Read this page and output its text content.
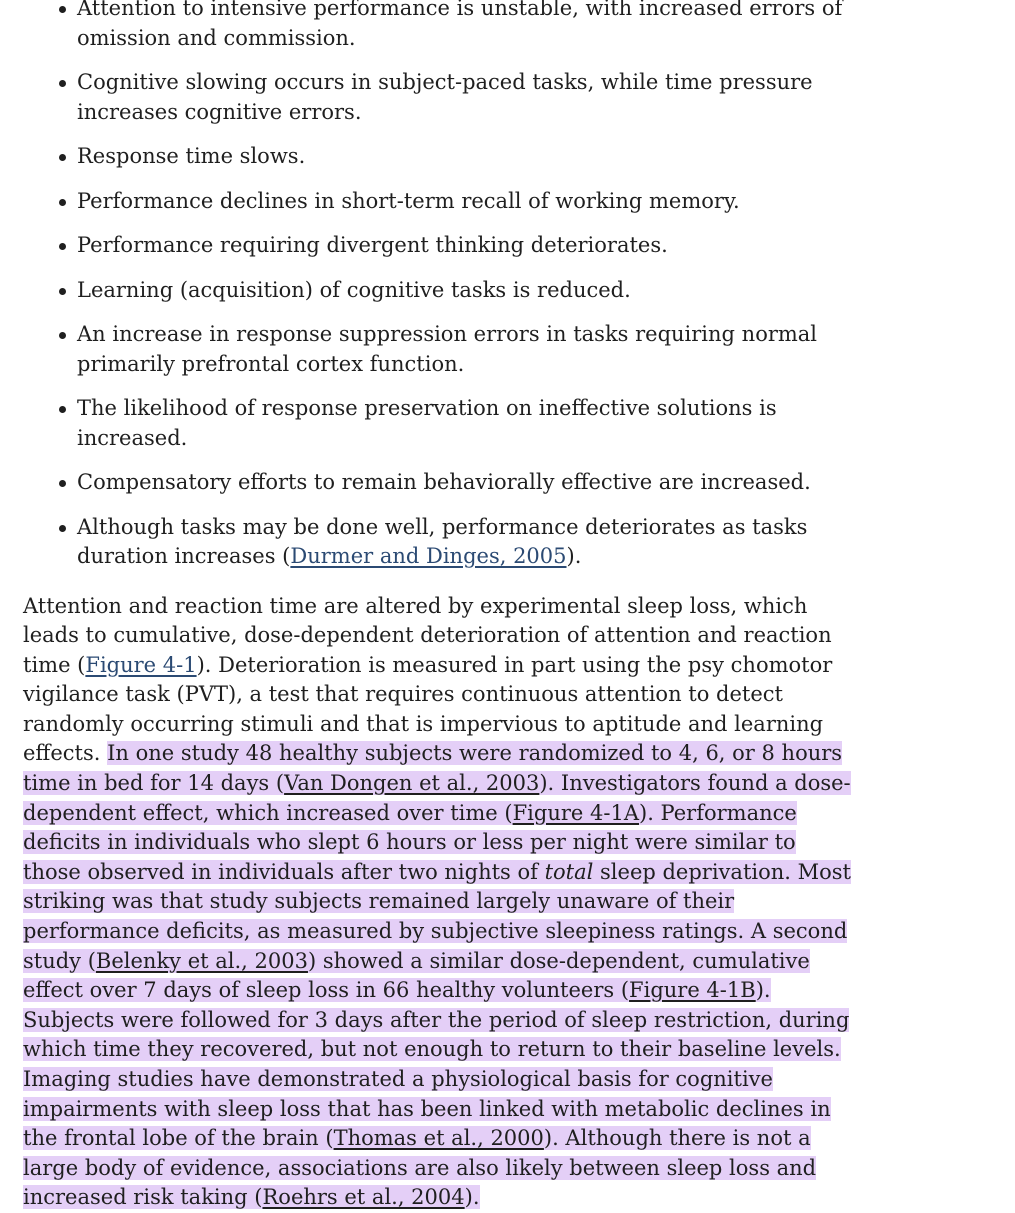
Attention to intensive performance is unstable, with increased errors of omission and commission.
Cognitive slowing occurs in subject-paced tasks, while time pressure increases cognitive errors.
Response time slows.
Performance declines in short-term recall of working memory.
Performance requiring divergent thinking deteriorates.
Learning (acquisition) of cognitive tasks is reduced.
An increase in response suppression errors in tasks requiring normal primarily prefrontal cortex function.
The likelihood of response preservation on ineffective solutions is increased.
Compensatory efforts to remain behaviorally effective are increased.
Although tasks may be done well, performance deteriorates as tasks duration increases (Durmer and Dinges, 2005).

Attention and reaction time are altered by experimental sleep loss, which leads to cumulative, dose-dependent deterioration of attention and reaction time (Figure 4-1). Deterioration is measured in part using the psy chomotor vigilance task (PVT), a test that requires continuous attention to detect randomly occurring stimuli and that is impervious to aptitude and learning effects. In one study 48 healthy subjects were randomized to 4, 6, or 8 hours time in bed for 14 days (Van Dongen et al., 2003). Investigators found a dose-dependent effect, which increased over time (Figure 4-1A). Performance deficits in individuals who slept 6 hours or less per night were similar to those observed in individuals after two nights of total sleep deprivation. Most striking was that study subjects remained largely unaware of their performance deficits, as measured by subjective sleepiness ratings. A second study (Belenky et al., 2003) showed a similar dose-dependent, cumulative effect over 7 days of sleep loss in 66 healthy volunteers (Figure 4-1B). Subjects were followed for 3 days after the period of sleep restriction, during which time they recovered, but not enough to return to their baseline levels. Imaging studies have demonstrated a physiological basis for cognitive impairments with sleep loss that has been linked with metabolic declines in the frontal lobe of the brain (Thomas et al., 2000). Although there is not a large body of evidence, associations are also likely between sleep loss and increased risk taking (Roehrs et al., 2004).
